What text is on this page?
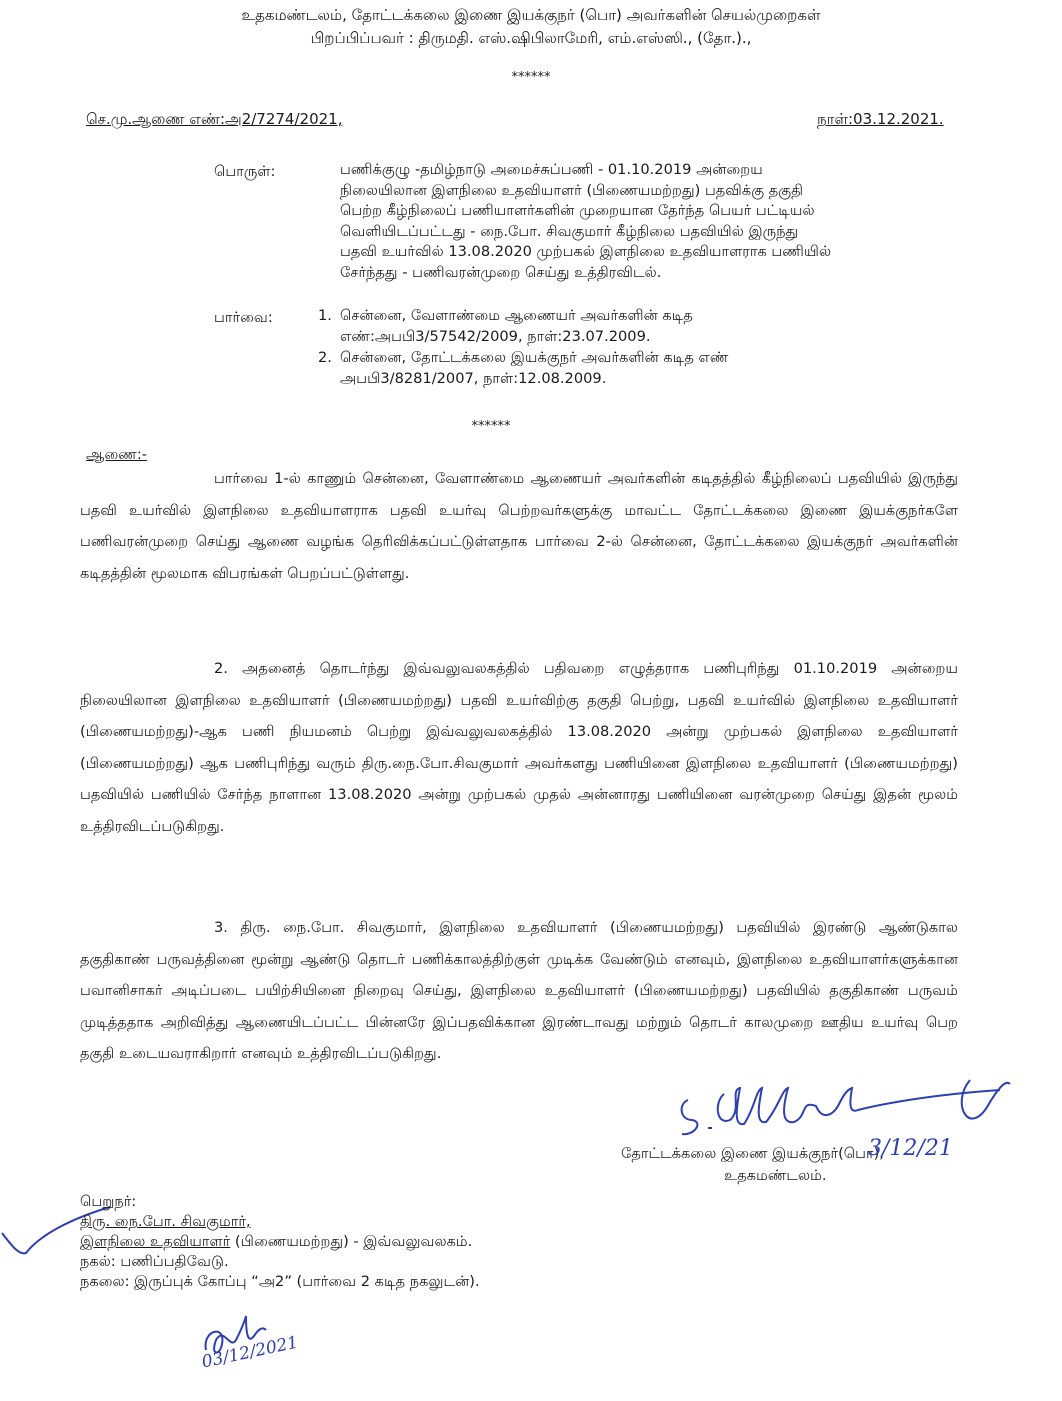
உதகமண்டலம், தோட்டக்கலை இணை இயக்குநர் (பொ) அவர்களின் செயல்முறைகள்
பிறப்பிப்பவர் : திருமதி. எஸ்.ஷிபிலாமேரி, எம்.எஸ்ஸி., (தோ.).,
******
செ.மு.ஆணை எண்:அ2/7274/2021,	நாள்:03.12.2021.
பொருள்:	பணிக்குழு -தமிழ்நாடு அமைச்சுப்பணி - 01.10.2019 அன்றைய
நிலையிலான இளநிலை உதவியாளர் (பிணையமற்றது) பதவிக்கு தகுதி
பெற்ற கீழ்நிலைப் பணியாளர்களின் முறையான தேர்ந்த பெயர் பட்டியல்
வெளியிடப்பட்டது - நை.போ. சிவகுமார் கீழ்நிலை பதவியில் இருந்து
பதவி உயர்வில் 13.08.2020 முற்பகல் இளநிலை உதவியாளராக பணியில்
சேர்ந்தது - பணிவரன்முறை செய்து உத்திரவிடல்.
பார்வை:	1. சென்னை, வேளாண்மை ஆணையர் அவர்களின் கடித
எண்:அபபி3/57542/2009, நாள்:23.07.2009.
2. சென்னை, தோட்டக்கலை இயக்குநர் அவர்களின் கடித எண்
அபபி3/8281/2007, நாள்:12.08.2009.
******
ஆணை:-
பார்வை 1-ல் காணும் சென்னை, வேளாண்மை ஆணையர் அவர்களின் கடிதத்தில் கீழ்நிலைப் பதவியில் இருந்து பதவி உயர்வில் இளநிலை உதவியாளராக பதவி உயர்வு பெற்றவர்களுக்கு மாவட்ட தோட்டக்கலை இணை இயக்குநர்களே பணிவரன்முறை செய்து ஆணை வழங்க தெரிவிக்கப்பட்டுள்ளதாக பார்வை 2-ல் சென்னை, தோட்டக்கலை இயக்குநர் அவர்களின் கடிதத்தின் மூலமாக விபரங்கள் பெறப்பட்டுள்ளது.
2. அதனைத் தொடர்ந்து இவ்வலுவலகத்தில் பதிவறை எழுத்தராக பணிபுரிந்து 01.10.2019 அன்றைய நிலையிலான இளநிலை உதவியாளர் (பிணையமற்றது) பதவி உயர்விற்கு தகுதி பெற்று, பதவி உயர்வில் இளநிலை உதவியாளர் (பிணையமற்றது)-ஆக பணி நியமனம் பெற்று இவ்வலுவலகத்தில் 13.08.2020 அன்று முற்பகல் இளநிலை உதவியாளர் (பிணையமற்றது) ஆக பணிபுரிந்து வரும் திரு.நை.போ.சிவகுமார் அவர்களது பணியினை இளநிலை உதவியாளர் (பிணையமற்றது) பதவியில் பணியில் சேர்ந்த நாளான 13.08.2020 அன்று முற்பகல் முதல் அன்னாரது பணியினை வரன்முறை செய்து இதன் மூலம் உத்திரவிடப்படுகிறது.
3. திரு. நை.போ. சிவகுமார், இளநிலை உதவியாளர் (பிணையமற்றது) பதவியில் இரண்டு ஆண்டுகால தகுதிகாண் பருவத்தினை மூன்று ஆண்டு தொடர் பணிக்காலத்திற்குள் முடிக்க வேண்டும் எனவும், இளநிலை உதவியாளர்களுக்கான பவானிசாகர் அடிப்படை பயிற்சியினை நிறைவு செய்து, இளநிலை உதவியாளர் (பிணையமற்றது) பதவியில் தகுதிகாண் பருவம் முடித்ததாக அறிவித்து ஆணையிடப்பட்ட பின்னரே இப்பதவிக்கான இரண்டாவது மற்றும் தொடர் காலமுறை ஊதிய உயர்வு பெற தகுதி உடையவராகிறார் எனவும் உத்திரவிடப்படுகிறது.
தோட்டக்கலை இணை இயக்குநர்(பொ),
3/12/21
உதகமண்டலம்.
பெறுநர்:
திரு. நை.போ. சிவகுமார்,
இளநிலை உதவியாளர் (பிணையமற்றது) - இவ்வலுவலகம்.
நகல்: பணிப்பதிவேடு.
நகலை: இருப்புக் கோப்பு “அ2” (பார்வை 2 கடித நகலுடன்).
03/12/2021
